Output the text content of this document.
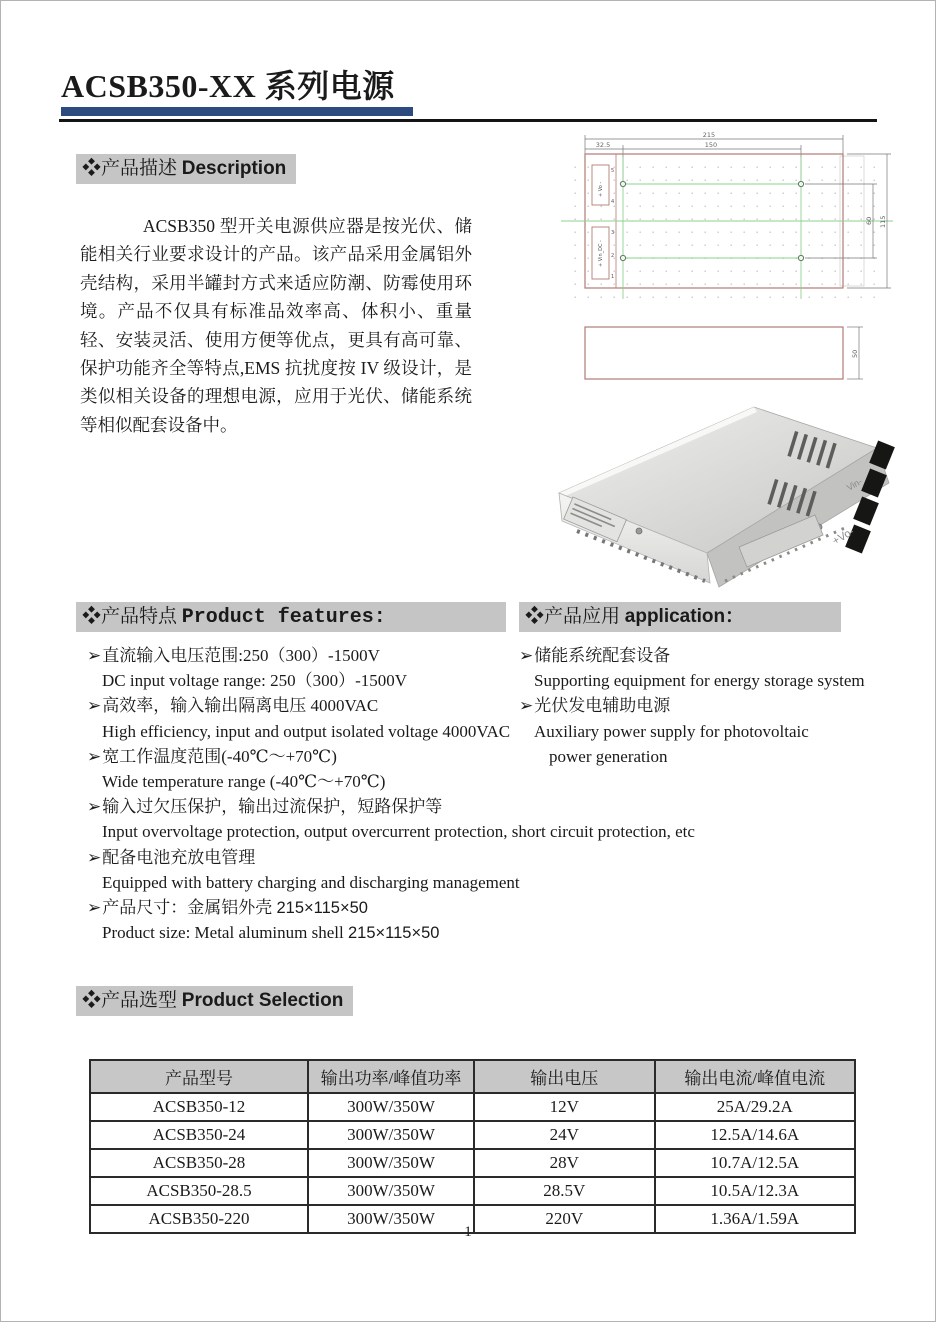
ACSB350-XX 系列电源
❖产品描述 Description
ACSB350 型开关电源供应器是按光伏、储能相关行业要求设计的产品。该产品采用金属铝外壳结构，采用半罐封方式来适应防潮、防霉使用环境。产品不仅具有标准品效率高、体积小、重量轻、安装灵活、使用方便等优点，更具有高可靠、保护功能齐全等特点,EMS 抗扰度按 IV 级设计，是类似相关设备的理想电源，应用于光伏、储能系统等相似配套设备中。
215
32.5	150
+ Vo -
+ Vin_DC -
5
4
3
2
1
60 115
50
+Vo-
Vin-
❖产品特点 Product features:
➢直流输入电压范围:250（300）-1500V
DC input voltage range: 250（300）-1500V
➢高效率，输入输出隔离电压 4000VAC
High efficiency, input and output isolated voltage 4000VAC
➢宽工作温度范围(-40℃～+70℃)
Wide temperature range (-40℃～+70℃)
➢输入过欠压保护，输出过流保护，短路保护等
Input overvoltage protection, output overcurrent protection, short circuit protection, etc
➢配备电池充放电管理
Equipped with battery charging and discharging management
➢产品尺寸：金属铝外壳 215×115×50
Product size: Metal aluminum shell 215×115×50
❖产品应用 application：
➢储能系统配套设备
Supporting equipment for energy storage system
➢光伏发电辅助电源
Auxiliary power supply for photovoltaic
power generation
❖产品选型 Product Selection
产品型号	输出功率/峰值功率	输出电压	输出电流/峰值电流
ACSB350-12	300W/350W	12V	25A/29.2A
ACSB350-24	300W/350W	24V	12.5A/14.6A
ACSB350-28	300W/350W	28V	10.7A/12.5A
ACSB350-28.5	300W/350W	28.5V	10.5A/12.3A
ACSB350-220	300W/350W	220V	1.36A/1.59A
1
